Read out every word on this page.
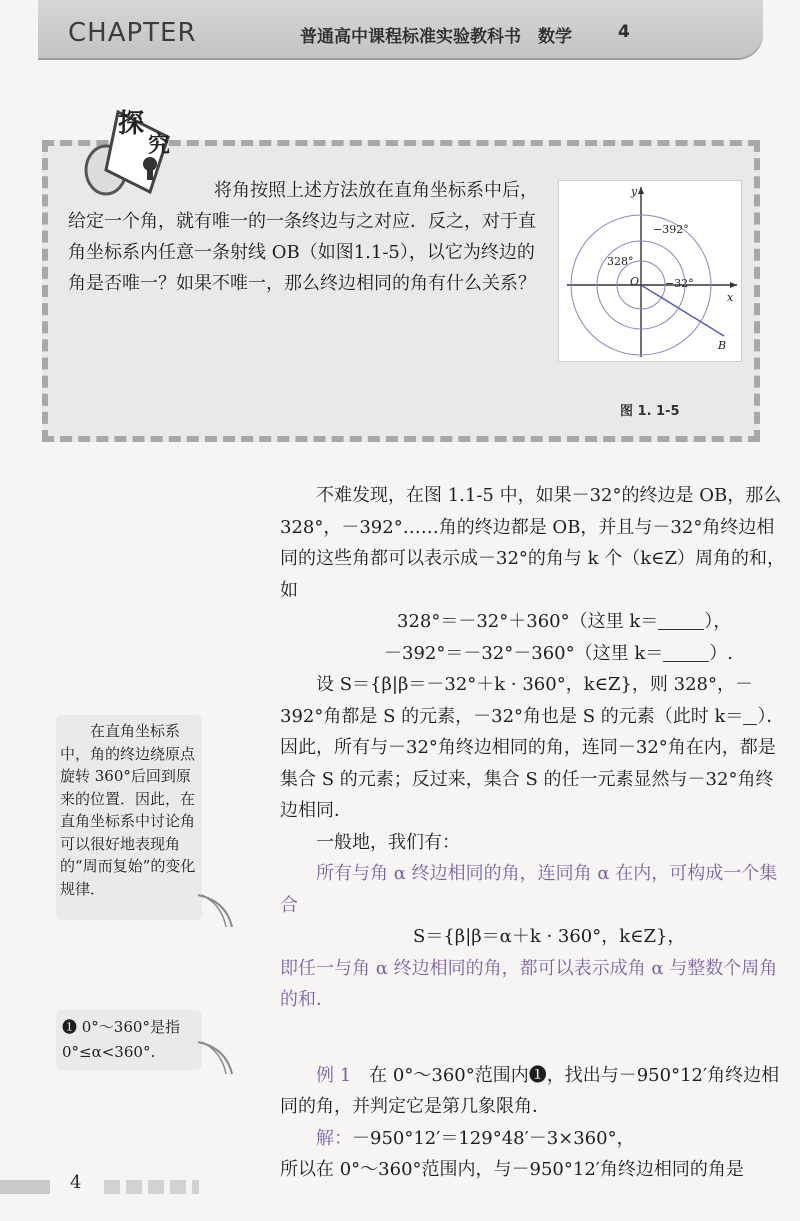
CHAPTER	普通高中课程标准实验教科书　数学	4
探
究
将角按照上述方法放在直角坐标系中后，给定一个角，就有唯一的一条终边与之对应．反之，对于直角坐标系内任意一条射线 OB（如图1.1-5），以它为终边的角是否唯一？如果不唯一，那么终边相同的角有什么关系？
B
O
x
y
−392°
328°
−32°
图 1. 1-5

不难发现，在图 1.1-5 中，如果－32°的终边是 OB，那么 328°，－392°……角的终边都是 OB，并且与－32°角终边相同的这些角都可以表示成－32°的角与 k 个（k∈Z）周角的和，如

328°＝－32°＋360°（这里 k＝	），

－392°＝－32°－360°（这里 k＝	）.

设 S＝{β|β＝－32°＋k · 360°，k∈Z}，则 328°，－392°角都是 S 的元素，－32°角也是 S 的元素（此时 k＝ ）．因此，所有与－32°角终边相同的角，连同－32°角在内，都是集合 S 的元素；反过来，集合 S 的任一元素显然与－32°角终边相同．

一般地，我们有：

所有与角 α 终边相同的角，连同角 α 在内，可构成一个集合

S＝{β|β＝α＋k · 360°，k∈Z}，

即任一与角 α 终边相同的角，都可以表示成角 α 与整数个周角的和．

例 1　在 0°～360°范围内❶，找出与－950°12′角终边相同的角，并判定它是第几象限角．

解：－950°12′＝129°48′－3×360°，

所以在 0°～360°范围内，与－950°12′角终边相同的角是

在直角坐标系中，角的终边绕原点旋转 360°后回到原来的位置．因此，在直角坐标系中讨论角可以很好地表现角的“周而复始”的变化规律．
❶ 0°～360°是指 0°≤α<360°.
4
